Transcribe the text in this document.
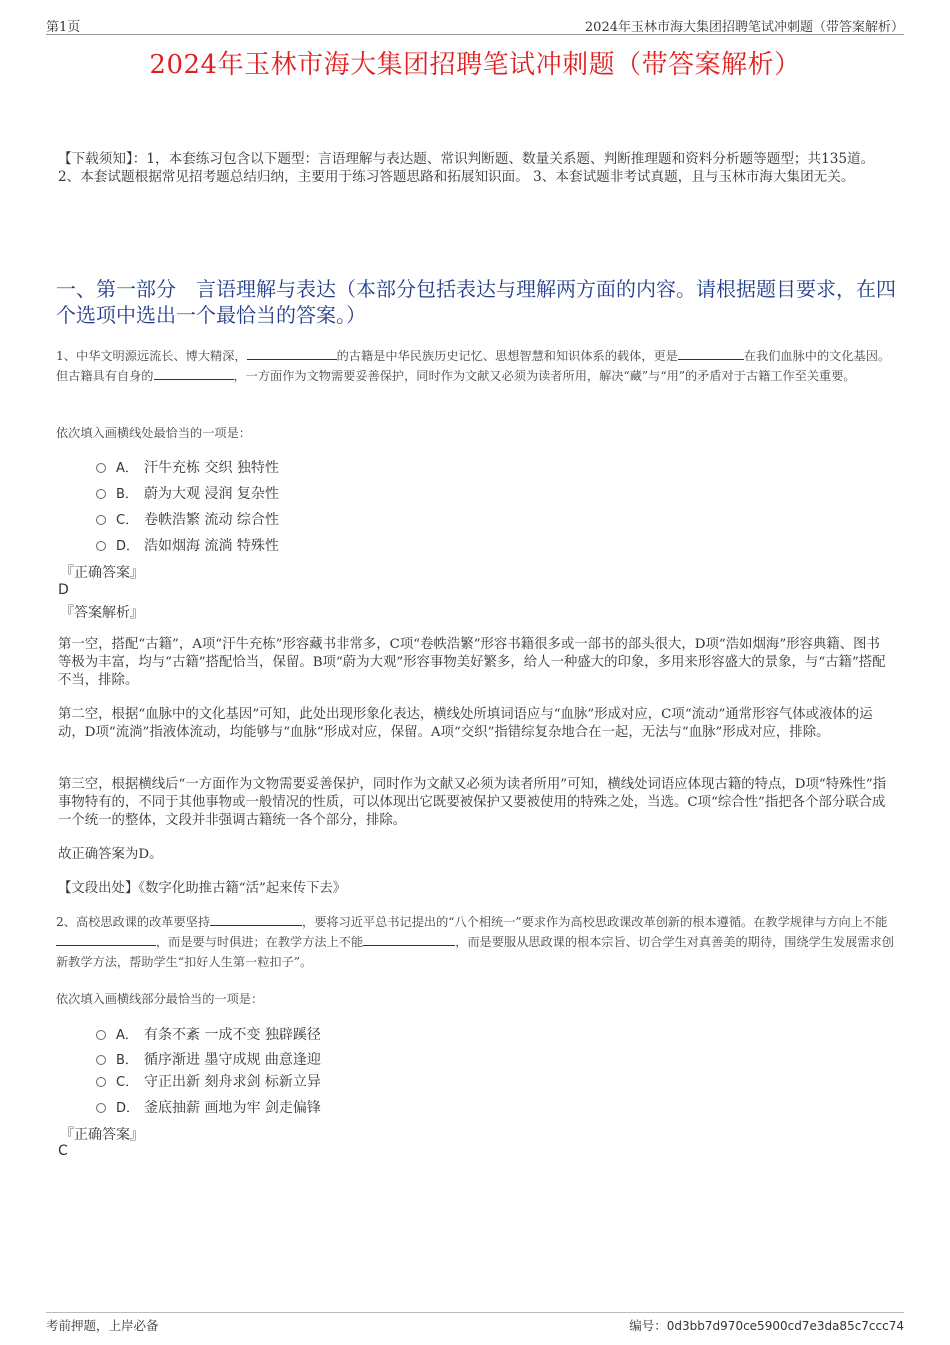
第1页	2024年玉林市海大集团招聘笔试冲刺题（带答案解析）
2024年玉林市海大集团招聘笔试冲刺题（带答案解析）
【下载须知】：1，本套练习包含以下题型：言语理解与表达题、常识判断题、数量关系题、判断推理题和资料分析题等题型；共135道。 2、本套试题根据常见招考题总结归纳，主要用于练习答题思路和拓展知识面。 3、本套试题非考试真题，且与玉林市海大集团无关。
一、第一部分　言语理解与表达（本部分包括表达与理解两方面的内容。请根据题目要求，在四个选项中选出一个最恰当的答案。）
1、中华文明源远流长、博大精深，	的古籍是中华民族历史记忆、思想智慧和知识体系的载体，更是	在我们血脉中的文化基因。但古籍具有自身的	，一方面作为文物需要妥善保护，同时作为文献又必须为读者所用，解决“藏”与“用”的矛盾对于古籍工作至关重要。
依次填入画横线处最恰当的一项是：
A． 汗牛充栋 交织 独特性
B． 蔚为大观 浸润 复杂性
C． 卷帙浩繁 流动 综合性
D． 浩如烟海 流淌 特殊性
『正确答案』
D
『答案解析』
第一空，搭配“古籍”，A项“汗牛充栋”形容藏书非常多，C项“卷帙浩繁”形容书籍很多或一部书的部头很大，D项“浩如烟海”形容典籍、图书等极为丰富，均与“古籍”搭配恰当，保留。B项“蔚为大观”形容事物美好繁多，给人一种盛大的印象，多用来形容盛大的景象，与“古籍”搭配不当，排除。
第二空，根据“血脉中的文化基因”可知，此处出现形象化表达，横线处所填词语应与“血脉”形成对应，C项“流动”通常形容气体或液体的运动，D项“流淌”指液体流动，均能够与“血脉”形成对应，保留。A项“交织”指错综复杂地合在一起，无法与“血脉”形成对应，排除。
第三空，根据横线后“一方面作为文物需要妥善保护，同时作为文献又必须为读者所用”可知，横线处词语应体现古籍的特点，D项“特殊性”指事物特有的，不同于其他事物或一般情况的性质，可以体现出它既要被保护又要被使用的特殊之处，当选。C项“综合性”指把各个部分联合成一个统一的整体，文段并非强调古籍统一各个部分，排除。
故正确答案为D。
【文段出处】《数字化助推古籍“活”起来传下去》
2、高校思政课的改革要坚持	，要将习近平总书记提出的“八个相统一”要求作为高校思政课改革创新的根本遵循。在教学规律与方向上不能，而是要与时俱进；在教学方法上不能	，而是要服从思政课的根本宗旨、切合学生对真善美的期待，围绕学生发展需求创新教学方法，帮助学生“扣好人生第一粒扣子”。
依次填入画横线部分最恰当的一项是：
A． 有条不紊 一成不变 独辟蹊径
B． 循序渐进 墨守成规 曲意逢迎
C． 守正出新 刻舟求剑 标新立异
D． 釜底抽薪 画地为牢 剑走偏锋
『正确答案』
C
考前押题，上岸必备	编号：0d3bb7d970ce5900cd7e3da85c7ccc74
